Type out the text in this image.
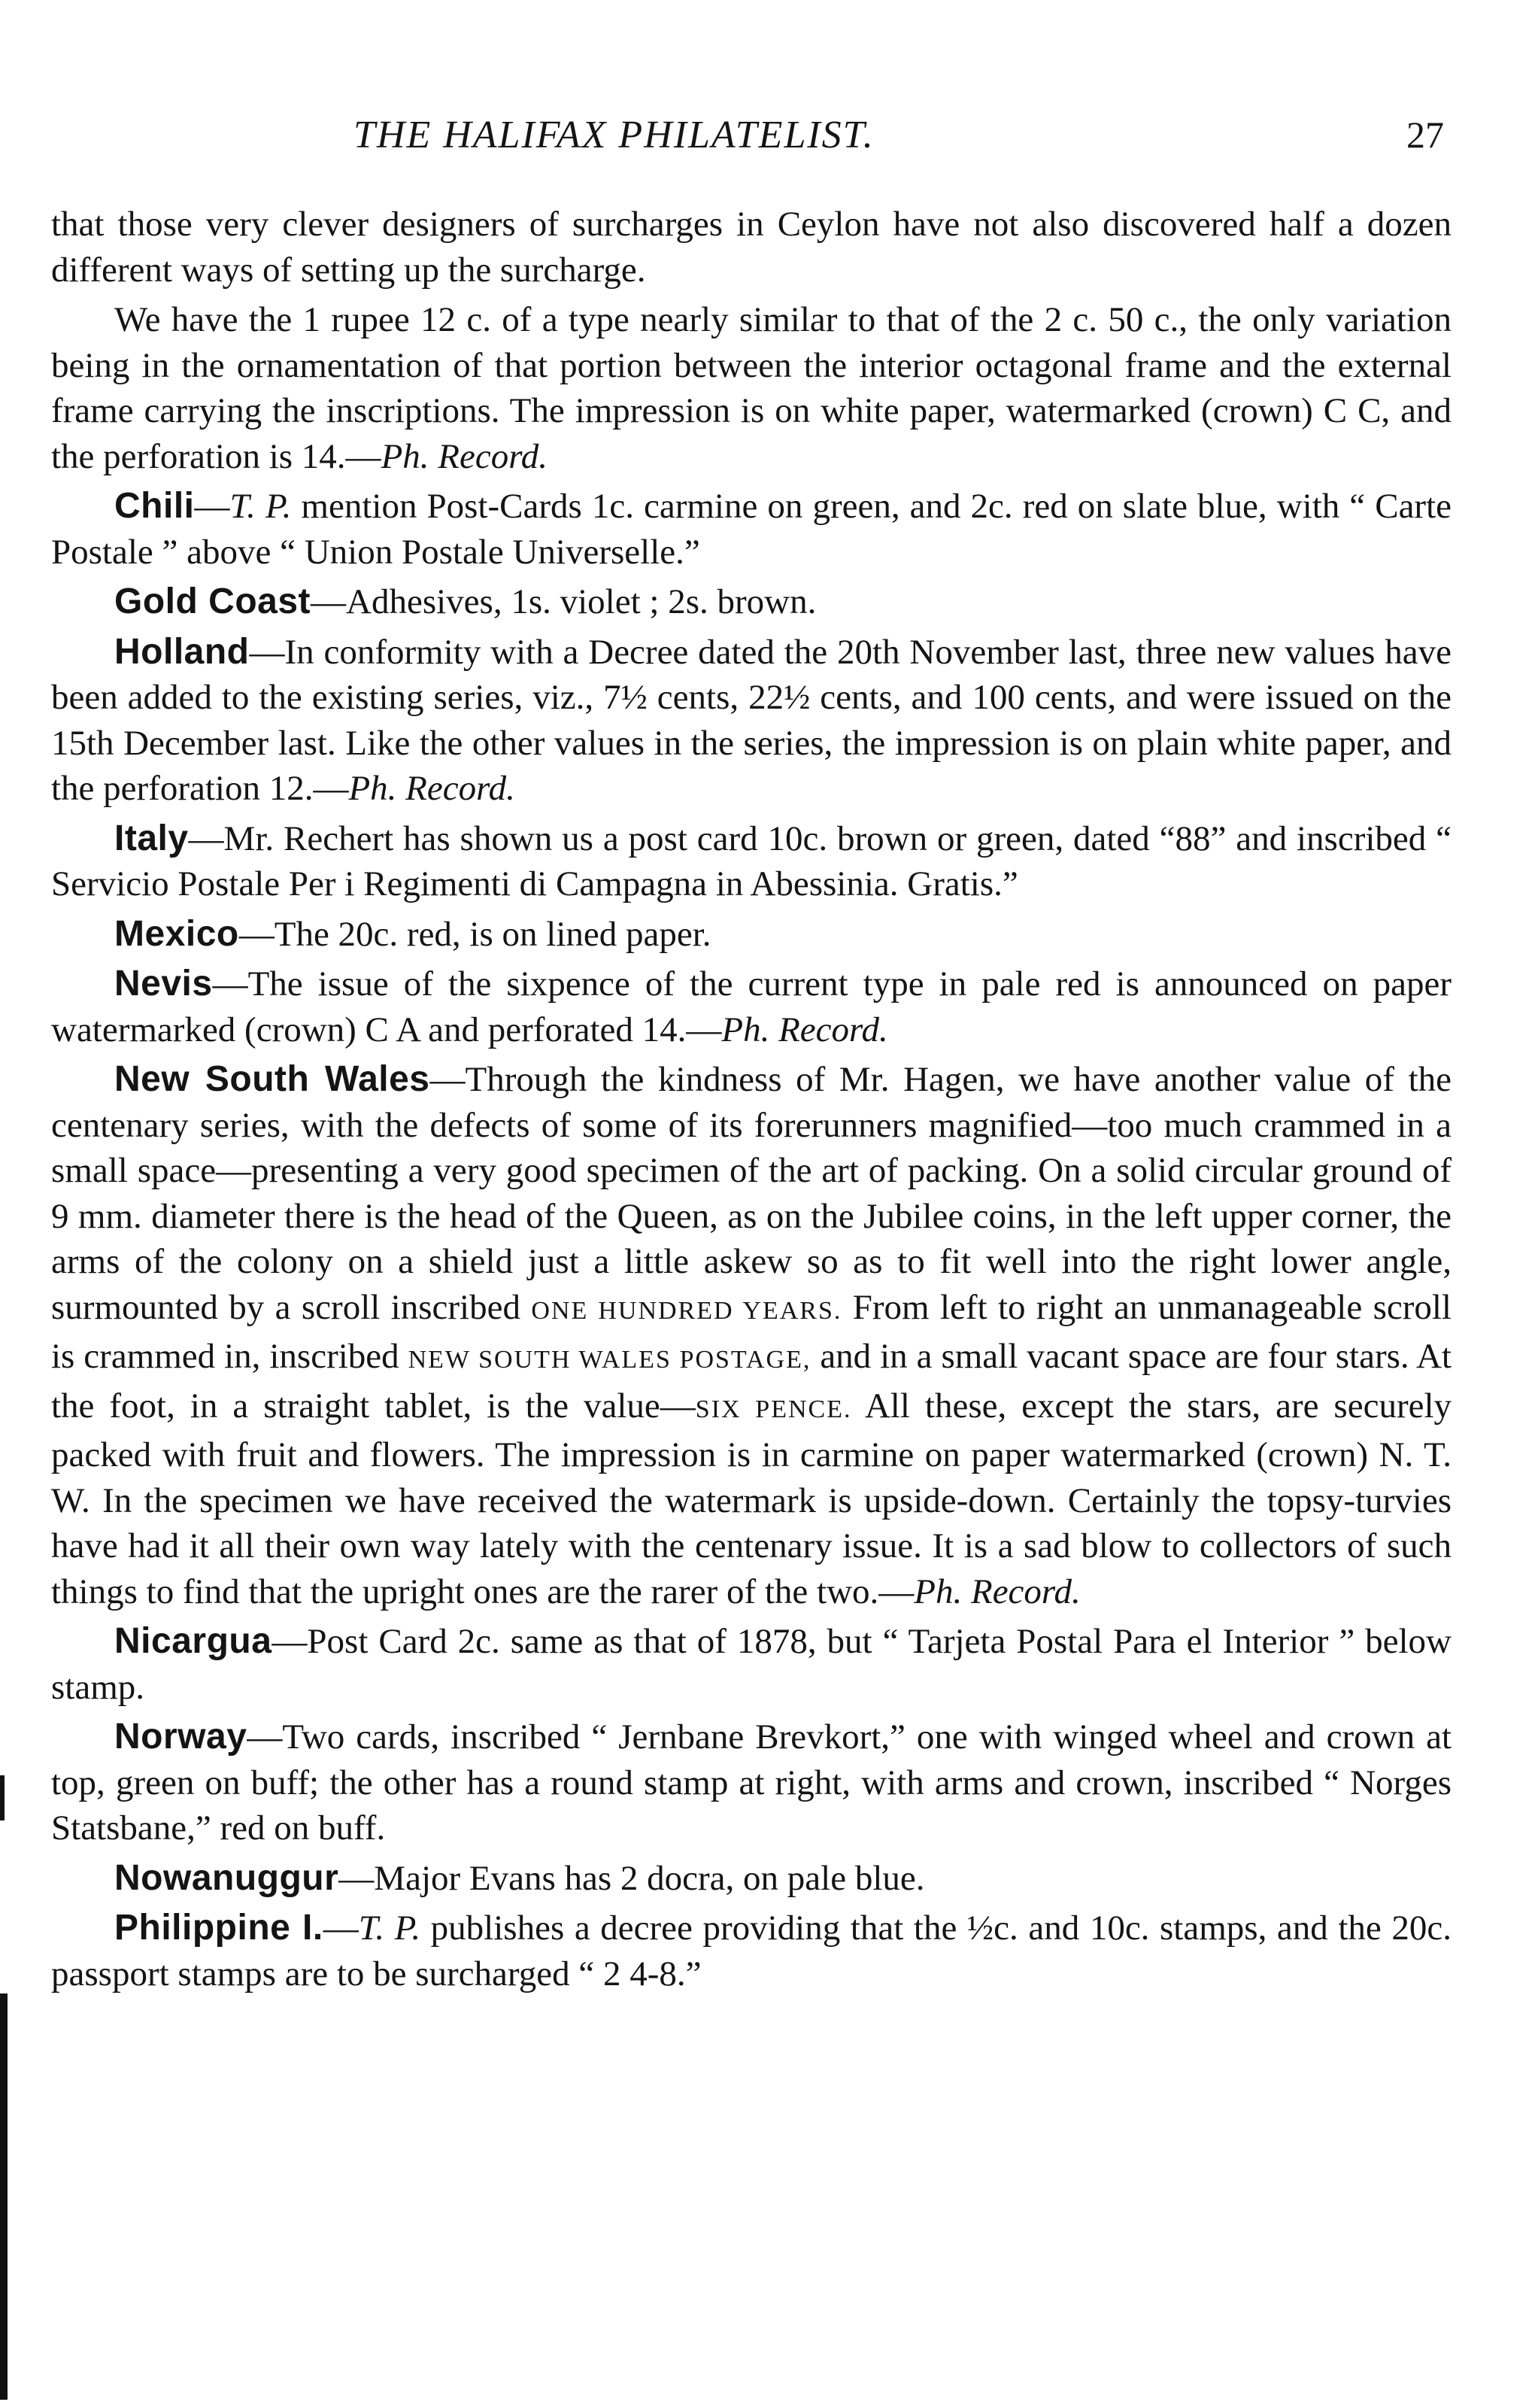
THE HALIFAX PHILATELIST.	27

that those very clever designers of surcharges in Ceylon have not also discovered half a dozen different ways of setting up the surcharge.

We have the 1 rupee 12 c. of a type nearly similar to that of the 2 c. 50 c., the only variation being in the ornamentation of that portion between the interior octagonal frame and the external frame carrying the inscriptions. The impression is on white paper, watermarked (crown) C C, and the perforation is 14.—Ph. Record.

Chili—T. P. mention Post-Cards 1c. carmine on green, and 2c. red on slate blue, with “ Carte Postale ” above “ Union Postale Universelle.”

Gold Coast—Adhesives, 1s. violet ; 2s. brown.

Holland—In conformity with a Decree dated the 20th November last, three new values have been added to the existing series, viz., 7½ cents, 22½ cents, and 100 cents, and were issued on the 15th December last. Like the other values in the series, the impression is on plain white paper, and the perforation 12.—Ph. Record.

Italy—Mr. Rechert has shown us a post card 10c. brown or green, dated “88” and inscribed “ Servicio Postale Per i Regimenti di Campagna in Abessinia. Gratis.”

Mexico—The 20c. red, is on lined paper.

Nevis—The issue of the sixpence of the current type in pale red is announced on paper watermarked (crown) C A and perforated 14.—Ph. Record.

New South Wales—Through the kindness of Mr. Hagen, we have another value of the centenary series, with the defects of some of its forerunners magnified—too much crammed in a small space—presenting a very good specimen of the art of packing. On a solid circular ground of 9 mm. diameter there is the head of the Queen, as on the Jubilee coins, in the left upper corner, the arms of the colony on a shield just a little askew so as to fit well into the right lower angle, surmounted by a scroll inscribed ONE HUNDRED YEARS. From left to right an unmanageable scroll is crammed in, inscribed NEW SOUTH WALES POSTAGE, and in a small vacant space are four stars. At the foot, in a straight tablet, is the value—SIX PENCE. All these, except the stars, are securely packed with fruit and flowers. The impression is in carmine on paper watermarked (crown) N. T. W. In the specimen we have received the watermark is upside-down. Certainly the topsy-turvies have had it all their own way lately with the centenary issue. It is a sad blow to collectors of such things to find that the upright ones are the rarer of the two.—Ph. Record.

Nicargua—Post Card 2c. same as that of 1878, but “ Tarjeta Postal Para el Interior ” below stamp.

Norway—Two cards, inscribed “ Jernbane Brevkort,” one with winged wheel and crown at top, green on buff; the other has a round stamp at right, with arms and crown, inscribed “ Norges Statsbane,” red on buff.

Nowanuggur—Major Evans has 2 docra, on pale blue.

Philippine I.—T. P. publishes a decree providing that the ½c. and 10c. stamps, and the 20c. passport stamps are to be surcharged “ 2 4-8.”
